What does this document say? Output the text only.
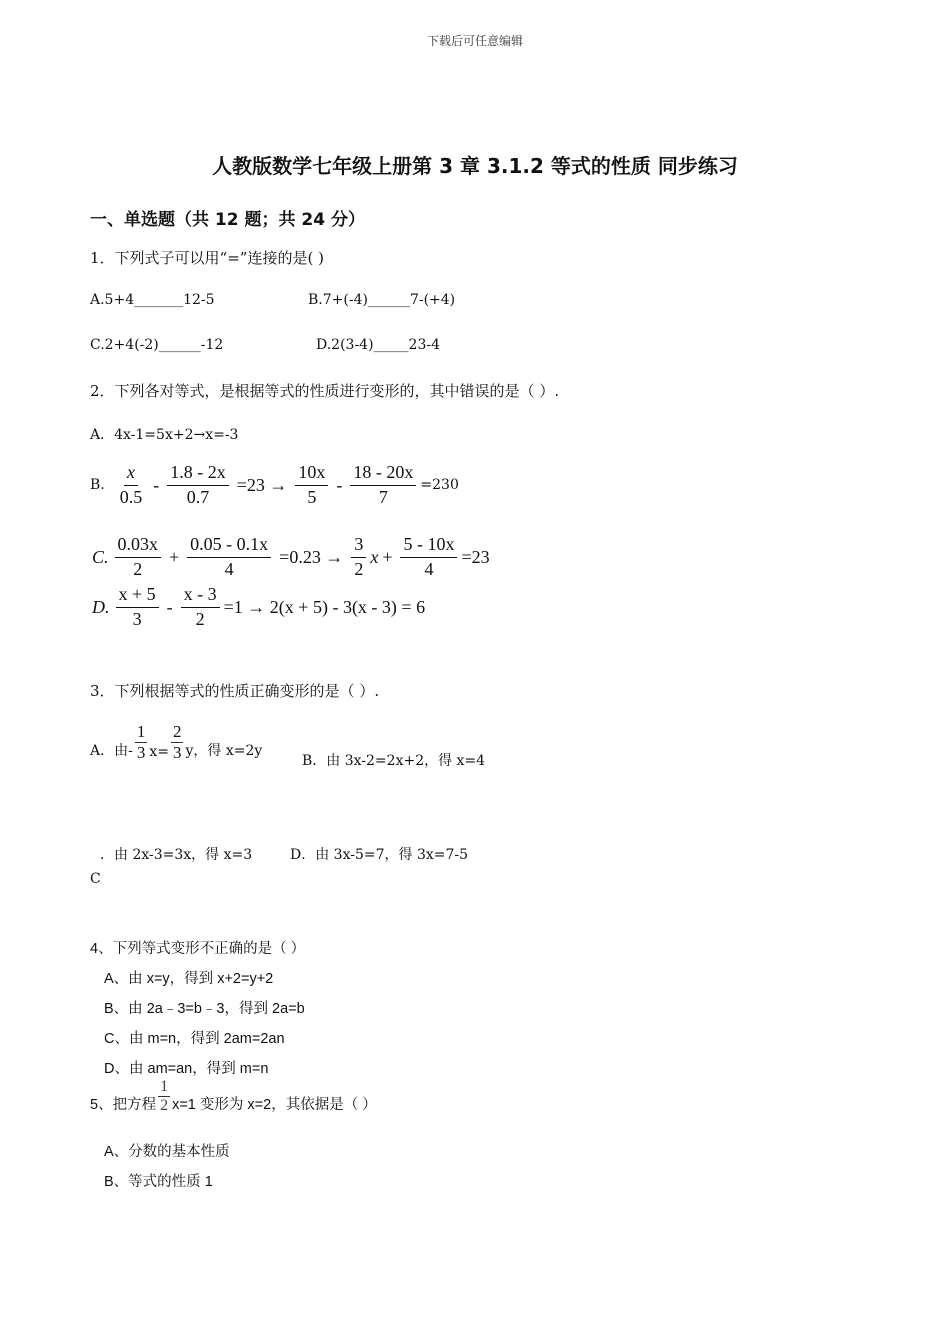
下载后可任意编辑
人教版数学七年级上册第 3 章 3.1.2 等式的性质 同步练习
一、单选题（共 12 题；共 24 分）
1．下列式子可以用“=”连接的是( )
A.5+4_______12-5	B.7+(-4)______7-(+4)
C.2+4(-2)______-12	D.2(3-4)_____23-4
2．下列各对等式，是根据等式的性质进行变形的，其中错误的是（ ）.
A．4x-1=5x+2→x=-3
B. $\frac{x}{0.5} - \frac{1.8 - 2x}{0.7} =23 \to \frac{10x}{5} - \frac{18 - 20x}{7} =230$
C. $\frac{0.03x}{2} + \frac{0.05 - 0.1x}{4} =0.23 \to \frac{3}{2}$ $x + \frac{5 - 10x}{4} =23$
D. $\frac{x + 5}{3} - \frac{x - 3}{2} =1 \to 2(x + 5) - 3(x - 3) = 6$
3．下列根据等式的性质正确变形的是（ ）.
A．由- $\frac{1}{3} x= \frac{2}{3}$ y，得 x=2y
B．由 3x-2=2x+2，得 x=4
．由 2x-3=3x，得 x=3	D．由 3x-5=7，得 3x=7-5
C
4、下列等式变形不正确的是（ ）
A、由 x=y，得到 x+2=y+2
B、由 2a﹣3=b﹣3，得到 2a=b
C、由 m=n，得到 2am=2an
D、由 am=an，得到 m=n
5、把方程 $\frac{1}{2} x=1$ 变形为 x=2，其依据是（ ）
A、分数的基本性质
B、等式的性质 1
